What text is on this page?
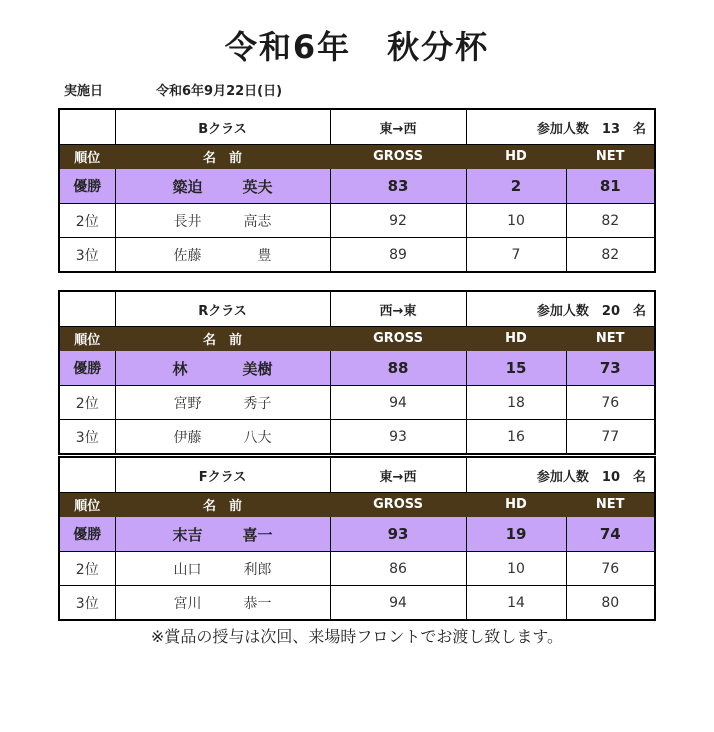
令和6年 秋分杯
実施日	令和6年9月22日(日)
	Bクラス	東→西	参加人数　13　名	
順位	名　前	GROSS	HD	NET
優勝	簗迫 英夫	83	2	81
2位	長井 高志	92	10	82
3位	佐藤 　豊	89	7	82
	Rクラス	西→東	参加人数　20　名	
順位	名　前	GROSS	HD	NET
優勝	林 美樹	88	15	73
2位	宮野 秀子	94	18	76
3位	伊藤 八大	93	16	77
	Fクラス	東→西	参加人数　10　名	
順位	名　前	GROSS	HD	NET
優勝	末吉 喜一	93	19	74
2位	山口 利郎	86	10	76
3位	宮川 恭一	94	14	80
※賞品の授与は次回、来場時フロントでお渡し致します。
